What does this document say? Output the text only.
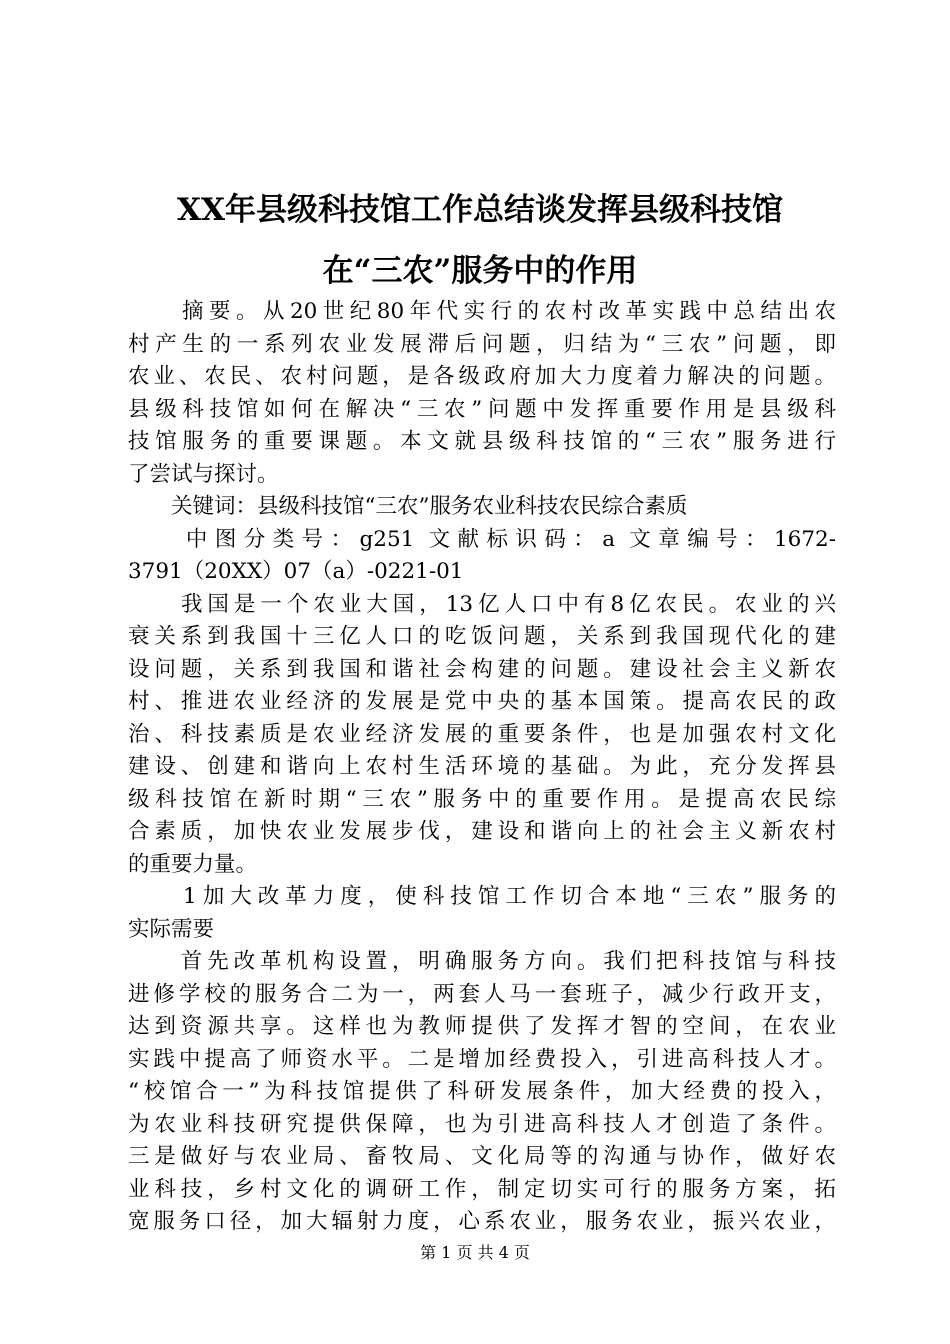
XX年县级科技馆工作总结谈发挥县级科技馆
在“三农”服务中的作用
　　摘要。从20世纪80年代实行的农村改革实践中总结出农
村产生的一系列农业发展滞后问题，归结为“三农”问题，即
农业、农民、农村问题，是各级政府加大力度着力解决的问题。
县级科技馆如何在解决“三农”问题中发挥重要作用是县级科
技馆服务的重要课题。本文就县级科技馆的“三农”服务进行
了尝试与探讨。
　　关键词：县级科技馆“三农”服务农业科技农民综合素质
　　中图分类号：g251 文献标识码：a 文章编号：1672-
3791（20XX）07（a）-0221-01
　　我国是一个农业大国，13亿人口中有8亿农民。农业的兴
衰关系到我国十三亿人口的吃饭问题，关系到我国现代化的建
设问题，关系到我国和谐社会构建的问题。建设社会主义新农
村、推进农业经济的发展是党中央的基本国策。提高农民的政
治、科技素质是农业经济发展的重要条件，也是加强农村文化
建设、创建和谐向上农村生活环境的基础。为此，充分发挥县
级科技馆在新时期“三农”服务中的重要作用。是提高农民综
合素质，加快农业发展步伐，建设和谐向上的社会主义新农村
的重要力量。
　　1加大改革力度，使科技馆工作切合本地“三农”服务的
实际需要
　　首先改革机构设置，明确服务方向。我们把科技馆与科技
进修学校的服务合二为一，两套人马一套班子，减少行政开支，
达到资源共享。这样也为教师提供了发挥才智的空间，在农业
实践中提高了师资水平。二是增加经费投入，引进高科技人才。
“校馆合一”为科技馆提供了科研发展条件，加大经费的投入，
为农业科技研究提供保障，也为引进高科技人才创造了条件。
三是做好与农业局、畜牧局、文化局等的沟通与协作，做好农
业科技，乡村文化的调研工作，制定切实可行的服务方案，拓
宽服务口径，加大辐射力度，心系农业，服务农业，振兴农业，
第 1 页 共 4 页
